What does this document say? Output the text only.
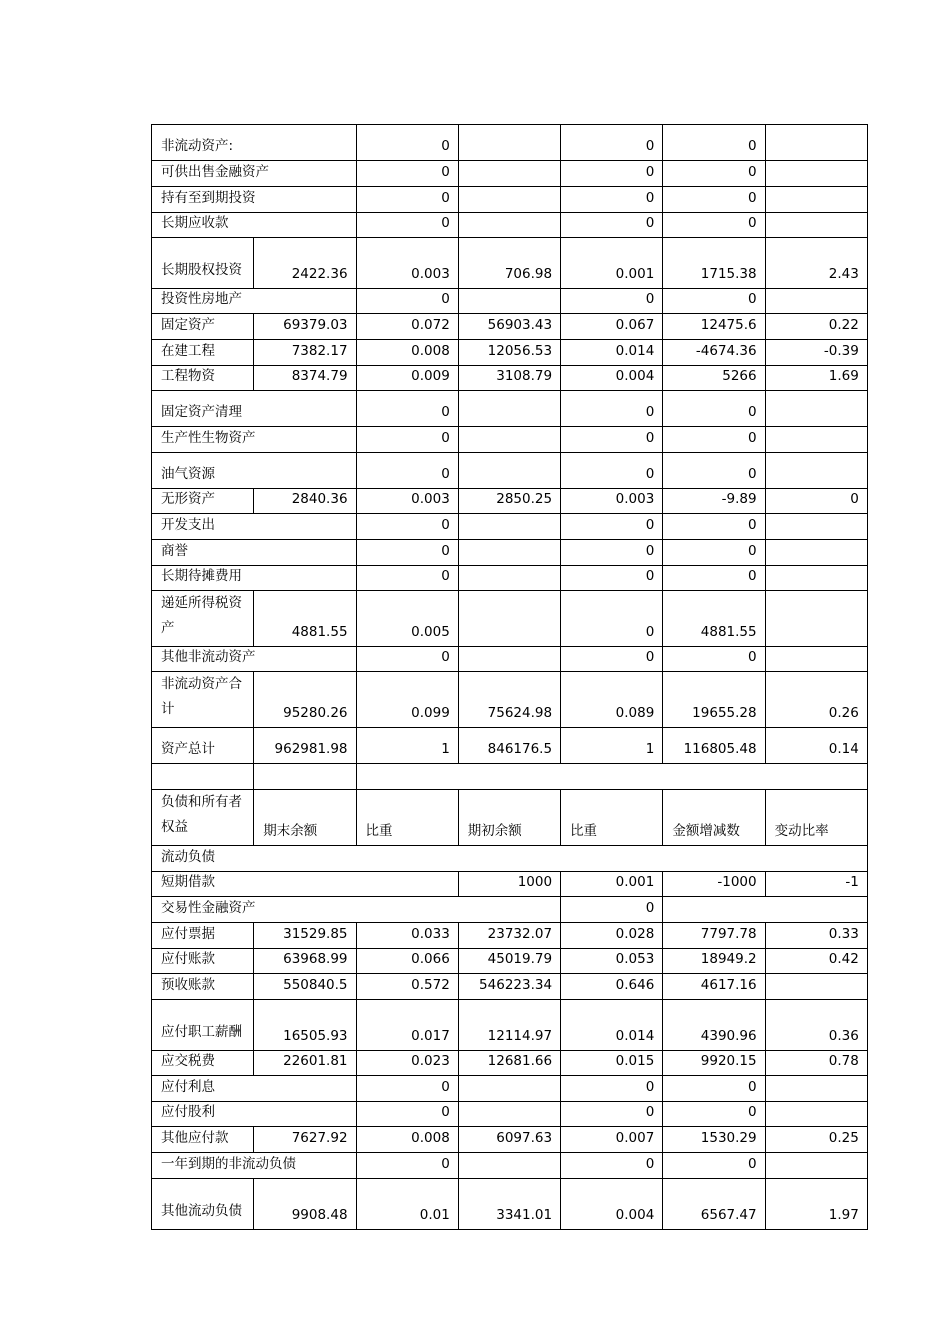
非流动资产:		0		0	0	
可供出售金融资产		0		0	0	
持有至到期投资		0		0	0	
长期应收款		0		0	0	
长期股权投资	2422.36	0.003	706.98	0.001	1715.38	2.43
投资性房地产		0		0	0	
固定资产	69379.03	0.072	56903.43	0.067	12475.6	0.22
在建工程	7382.17	0.008	12056.53	0.014	-4674.36	-0.39
工程物资	8374.79	0.009	3108.79	0.004	5266	1.69
固定资产清理		0		0	0	
生产性生物资产		0		0	0	
油气资源		0		0	0	
无形资产	2840.36	0.003	2850.25	0.003	-9.89	0
开发支出		0		0	0	
商誉		0		0	0	
长期待摊费用		0		0	0	
递延所得税资产	4881.55	0.005		0	4881.55	
其他非流动资产		0		0	0	
非流动资产合计	95280.26	0.099	75624.98	0.089	19655.28	0.26
资产总计	962981.98	1	846176.5	1	116805.48	0.14

负债和所有者权益	期末余额	比重	期初余额	比重	金额增减数	变动比率
流动负债						
短期借款			1000	0.001	-1000	-1
交易性金融资产				0		
应付票据	31529.85	0.033	23732.07	0.028	7797.78	0.33
应付账款	63968.99	0.066	45019.79	0.053	18949.2	0.42
预收账款	550840.5	0.572	546223.34	0.646	4617.16	
应付职工薪酬	16505.93	0.017	12114.97	0.014	4390.96	0.36
应交税费	22601.81	0.023	12681.66	0.015	9920.15	0.78
应付利息		0		0	0	
应付股利		0		0	0	
其他应付款	7627.92	0.008	6097.63	0.007	1530.29	0.25
一年到期的非流动负债		0		0	0	
其他流动负债	9908.48	0.01	3341.01	0.004	6567.47	1.97
